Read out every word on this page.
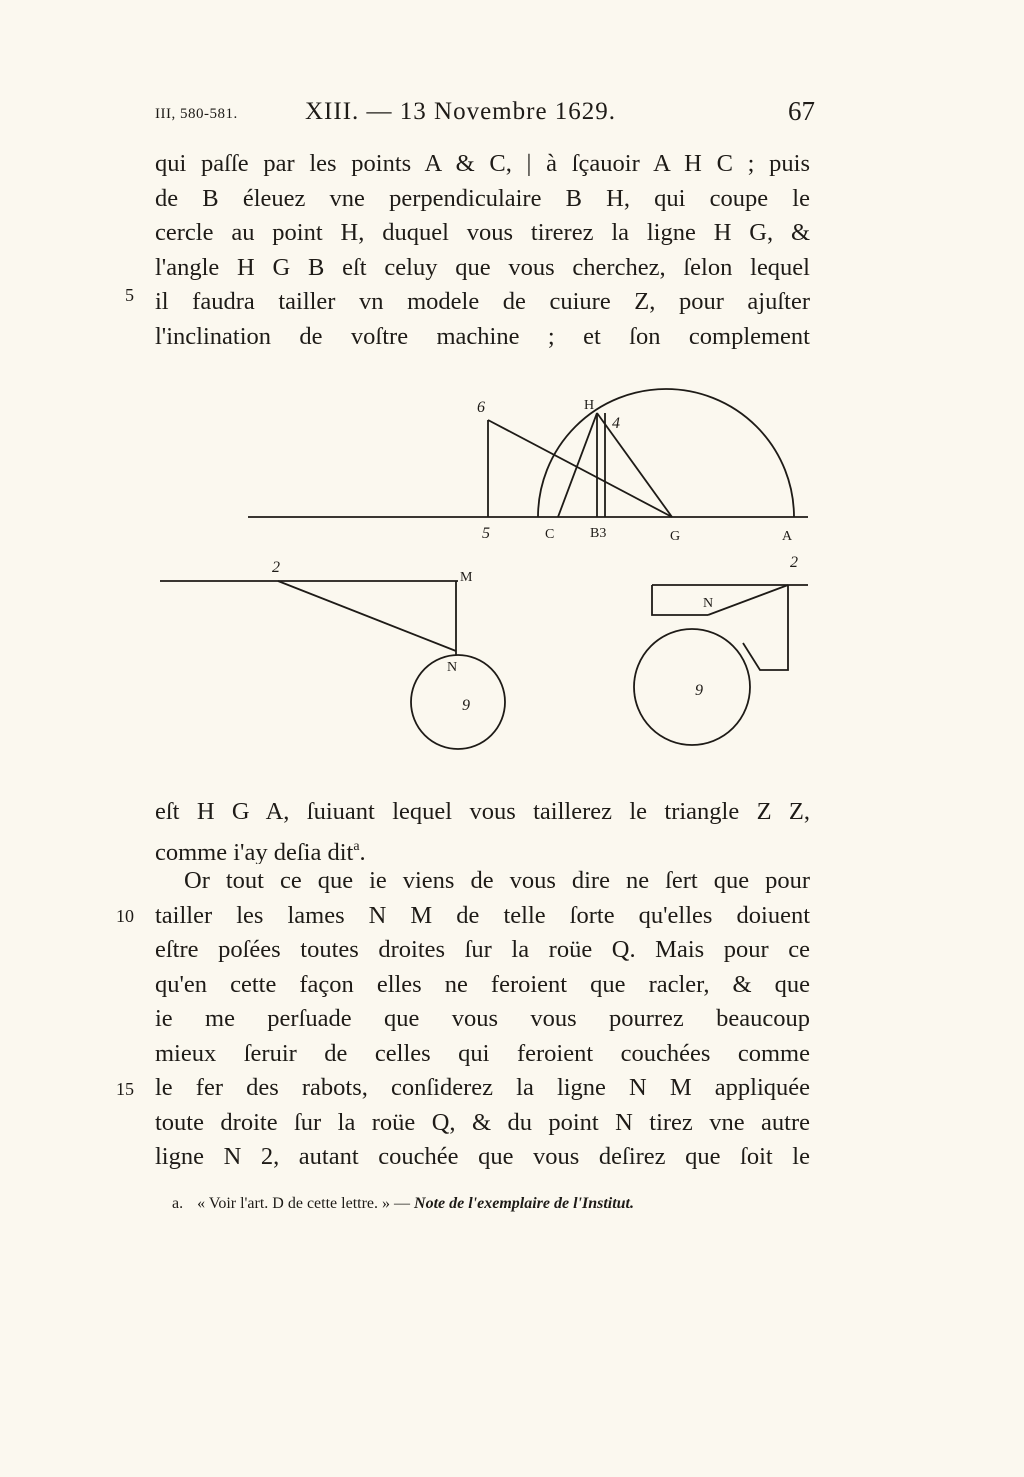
III, 580-581.	XIII. — 13 Novembre 1629.	67
qui paſſe par les points A & C, | à ſçauoir A H C ; puis
de B éleuez vne perpendiculaire B H, qui coupe le
cercle au point H, duquel vous tirerez la ligne H G, &
l'angle H G B eſt celuy que vous cherchez, ſelon lequel
il faudra tailler vn modele de cuiure Z, pour ajuſter
l'inclination de voſtre machine ; et ſon complement
5
6	H
4
5	C	B3	G	A
2
M
N
9
2
N
9
eſt H G A, ſuiuant lequel vous taillerez le triangle Z Z,
comme i'ay deſia dit$^a$.
Or tout ce que ie viens de vous dire ne ſert que pour
tailler les lames N M de telle ſorte qu'elles doiuent
eſtre poſées toutes droites ſur la roüe Q. Mais pour ce
qu'en cette façon elles ne feroient que racler, & que
ie me perſuade que vous vous pourrez beaucoup
mieux ſeruir de celles qui feroient couchées comme
le fer des rabots, conſiderez la ligne N M appliquée
toute droite ſur la roüe Q, & du point N tirez vne autre
ligne N 2, autant couchée que vous deſirez que ſoit le
10
15
a. « Voir l'art. D de cette lettre. » — Note de l'exemplaire de l'Institut.
